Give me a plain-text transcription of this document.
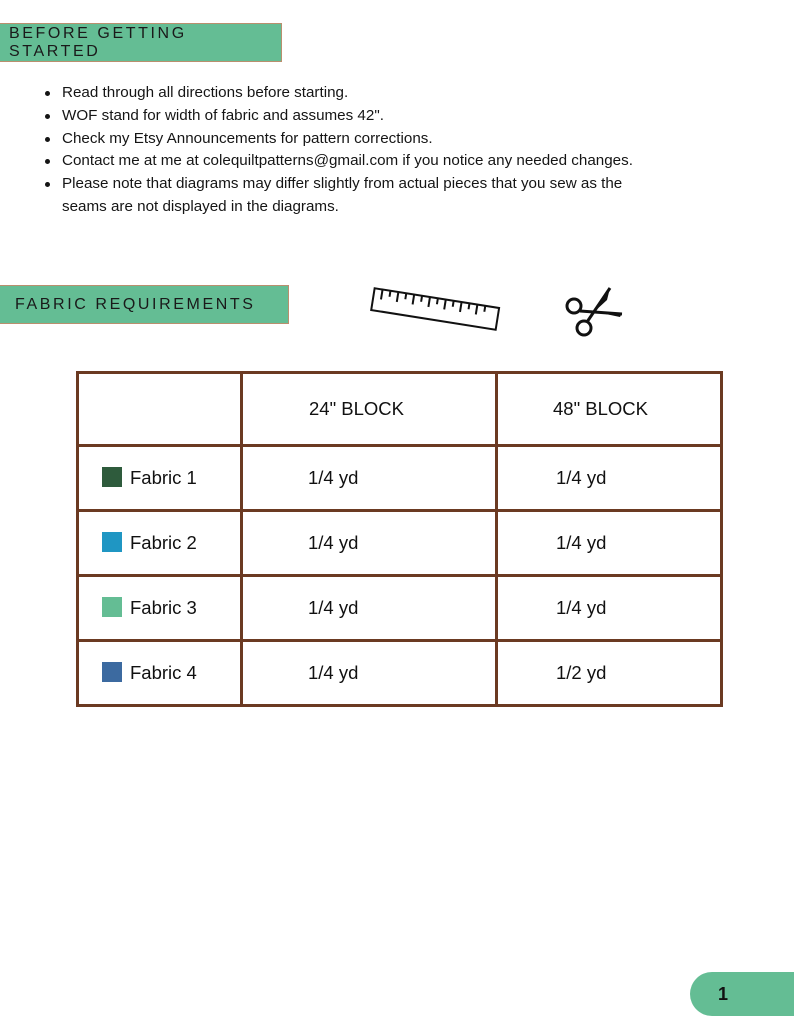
BEFORE GETTING STARTED
Read through all directions before starting.
WOF stand for width of fabric and assumes 42".
Check my Etsy Announcements for pattern corrections.
Contact me at me at colequiltpatterns@gmail.com if you notice any needed changes.
Please note that diagrams may differ slightly from actual pieces that you sew as the seams are not displayed in the diagrams.
FABRIC REQUIREMENTS
	24" BLOCK	48" BLOCK
Fabric 1	1/4 yd	1/4 yd
Fabric 2	1/4 yd	1/4 yd
Fabric 3	1/4 yd	1/4 yd
Fabric 4	1/4 yd	1/2 yd
1
